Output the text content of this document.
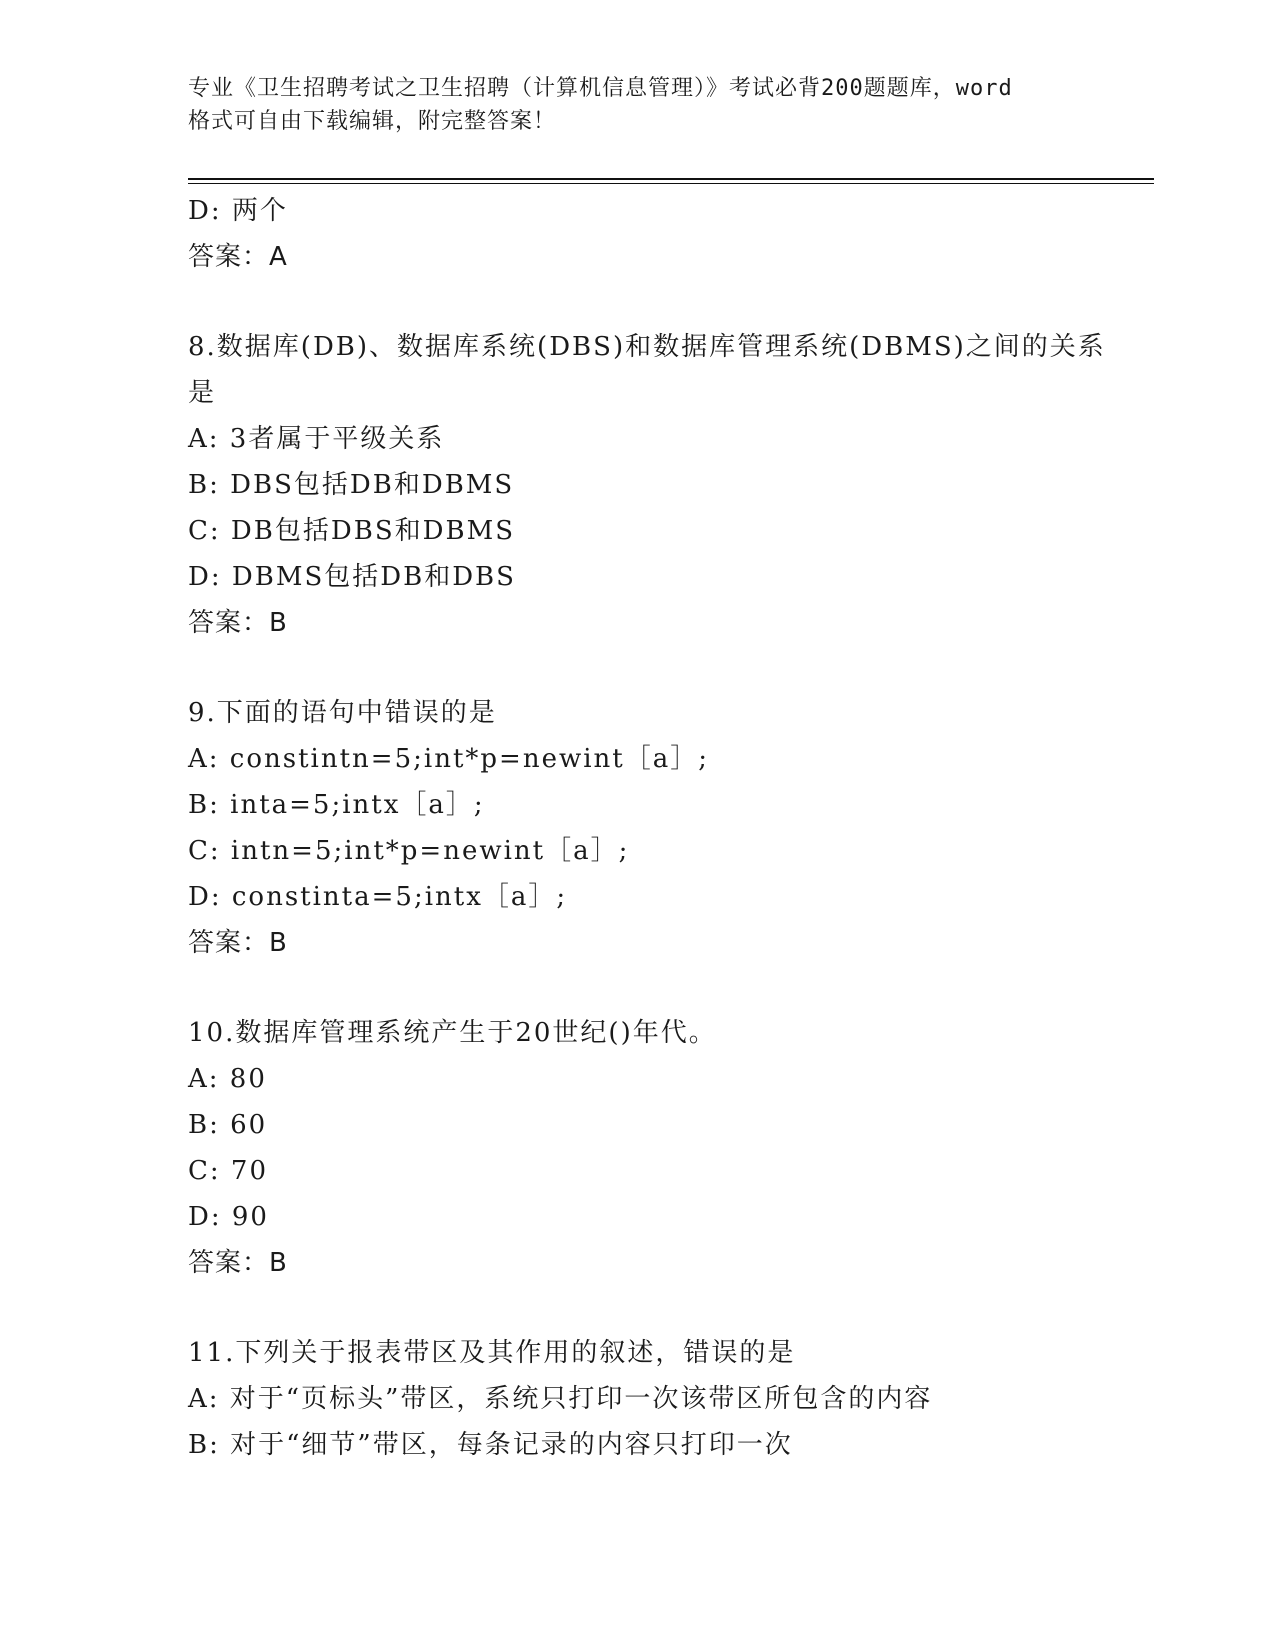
专业《卫生招聘考试之卫生招聘（计算机信息管理）》考试必背200题题库，word
格式可自由下载编辑，附完整答案！
D: 两个
答案：A
8.数据库(DB)、数据库系统(DBS)和数据库管理系统(DBMS)之间的关系
是
A: 3者属于平级关系
B: DBS包括DB和DBMS
C: DB包括DBS和DBMS
D: DBMS包括DB和DBS
答案：B
9.下面的语句中错误的是
A: constintn=5;int*p=newint［a］;
B: inta=5;intx［a］;
C: intn=5;int*p=newint［a］;
D: constinta=5;intx［a］;
答案：B
10.数据库管理系统产生于20世纪()年代。
A: 80
B: 60
C: 70
D: 90
答案：B
11.下列关于报表带区及其作用的叙述，错误的是
A: 对于“页标头”带区，系统只打印一次该带区所包含的内容
B: 对于“细节”带区，每条记录的内容只打印一次
